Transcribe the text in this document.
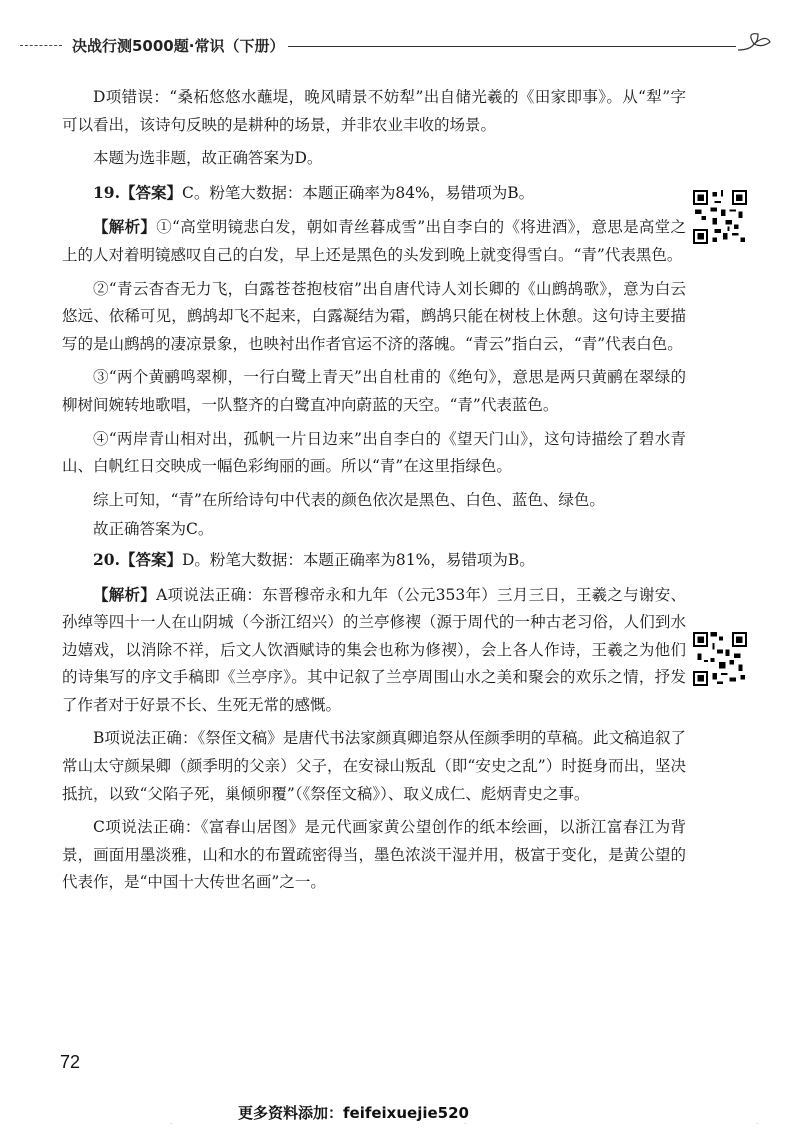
决战行测5000题·常识（下册）

D项错误：“桑柘悠悠水蘸堤，晚风晴景不妨犁”出自储光羲的《田家即事》。从“犁”字可以看出，该诗句反映的是耕种的场景，并非农业丰收的场景。

本题为选非题，故正确答案为D。

19.【答案】C。粉笔大数据：本题正确率为84%，易错项为B。

【解析】①“高堂明镜悲白发，朝如青丝暮成雪”出自李白的《将进酒》，意思是高堂之上的人对着明镜感叹自己的白发，早上还是黑色的头发到晚上就变得雪白。“青”代表黑色。

②“青云杳杳无力飞，白露苍苍抱枝宿”出自唐代诗人刘长卿的《山鹧鸪歌》，意为白云悠远、依稀可见，鹧鸪却飞不起来，白露凝结为霜，鹧鸪只能在树枝上休憩。这句诗主要描写的是山鹧鸪的凄凉景象，也映衬出作者官运不济的落魄。“青云”指白云，“青”代表白色。

③“两个黄鹂鸣翠柳，一行白鹭上青天”出自杜甫的《绝句》，意思是两只黄鹂在翠绿的柳树间婉转地歌唱，一队整齐的白鹭直冲向蔚蓝的天空。“青”代表蓝色。

④“两岸青山相对出，孤帆一片日边来”出自李白的《望天门山》，这句诗描绘了碧水青山、白帆红日交映成一幅色彩绚丽的画。所以“青”在这里指绿色。

综上可知，“青”在所给诗句中代表的颜色依次是黑色、白色、蓝色、绿色。

故正确答案为C。

20.【答案】D。粉笔大数据：本题正确率为81%，易错项为B。

【解析】A项说法正确：东晋穆帝永和九年（公元353年）三月三日，王羲之与谢安、孙绰等四十一人在山阴城（今浙江绍兴）的兰亭修禊（源于周代的一种古老习俗，人们到水边嬉戏，以消除不祥，后文人饮酒赋诗的集会也称为修禊），会上各人作诗，王羲之为他们的诗集写的序文手稿即《兰亭序》。其中记叙了兰亭周围山水之美和聚会的欢乐之情，抒发了作者对于好景不长、生死无常的感慨。

B项说法正确：《祭侄文稿》是唐代书法家颜真卿追祭从侄颜季明的草稿。此文稿追叙了常山太守颜杲卿（颜季明的父亲）父子，在安禄山叛乱（即“安史之乱”）时挺身而出，坚决抵抗，以致“父陷子死，巢倾卵覆”（《祭侄文稿》）、取义成仁、彪炳青史之事。

C项说法正确：《富春山居图》是元代画家黄公望创作的纸本绘画，以浙江富春江为背景，画面用墨淡雅，山和水的布置疏密得当，墨色浓淡干湿并用，极富于变化，是黄公望的代表作，是“中国十大传世名画”之一。

72
更多资料添加：feifeixuejie520
·	·	·
